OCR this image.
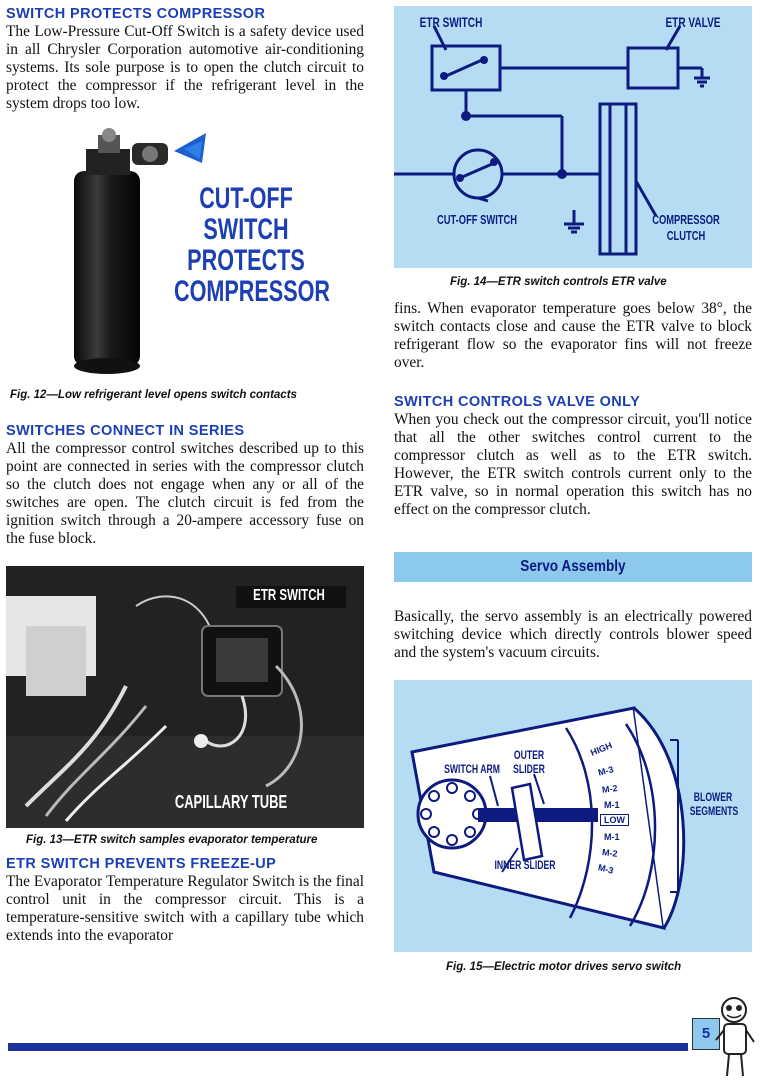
SWITCH PROTECTS COMPRESSOR

The Low-Pressure Cut-Off Switch is a safety device used in all Chrysler Corporation automotive air-conditioning systems. Its sole purpose is to open the clutch circuit to protect the compressor if the refrigerant level in the system drops too low.

CUT-OFF
SWITCH
PROTECTS
COMPRESSOR
Fig. 12—Low refrigerant level opens switch contacts
SWITCHES CONNECT IN SERIES

All the compressor control switches described up to this point are connected in series with the compressor clutch so the clutch does not engage when any or all of the switches are open. The clutch circuit is fed from the ignition switch through a 20-ampere accessory fuse on the fuse block.

ETR SWITCH
CAPILLARY TUBE
Fig. 13—ETR switch samples evaporator temperature
ETR SWITCH PREVENTS FREEZE-UP

The Evaporator Temperature Regulator Switch is the final control unit in the compressor circuit. This is a temperature-sensitive switch with a capillary tube which extends into the evaporator

ETR SWITCH	ETR VALVE
CUT-OFF SWITCH	COMPRESSOR
CLUTCH
Fig. 14—ETR switch controls ETR valve

fins. When evaporator temperature goes below 38°, the switch contacts close and cause the ETR valve to block refrigerant flow so the evaporator fins will not freeze over.

SWITCH CONTROLS VALVE ONLY

When you check out the compressor circuit, you'll notice that all the other switches control current to the compressor clutch as well as to the ETR switch. However, the ETR switch controls current only to the ETR valve, so in normal operation this switch has no effect on the compressor clutch.

Servo Assembly

Basically, the servo assembly is an electrically powered switching device which directly controls blower speed and the system's vacuum circuits.

SWITCH ARM
OUTER
SLIDER
INNER SLIDER
BLOWER
SEGMENTS
HIGH
M-3
M-2
M-1
LOW
M-1
M-2
M-3
Fig. 15—Electric motor drives servo switch
5
